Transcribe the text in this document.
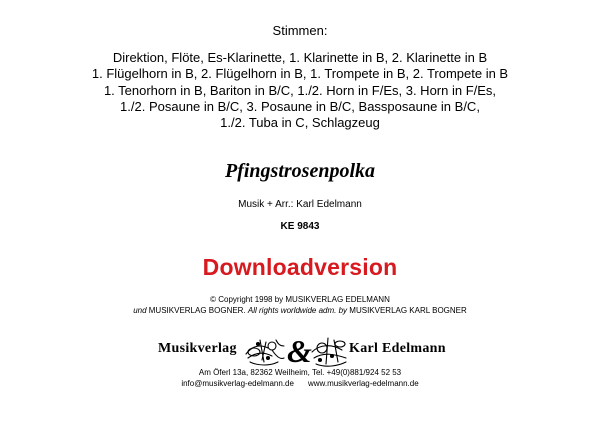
Stimmen:
Direktion, Flöte, Es-Klarinette, 1. Klarinette in B, 2. Klarinette in B
1. Flügelhorn in B, 2. Flügelhorn in B, 1. Trompete in B, 2. Trompete in B
1. Tenorhorn in B, Bariton in B/C, 1./2. Horn in F/Es, 3. Horn in F/Es,
1./2. Posaune in B/C, 3. Posaune in B/C, Bassposaune in B/C,
1./2. Tuba in C, Schlagzeug
Pfingstrosenpolka
Musik + Arr.: Karl Edelmann
KE 9843
Downloadversion
© Copyright 1998 by MUSIKVERLAG EDELMANN
und MUSIKVERLAG BOGNER. All rights worldwide adm. by MUSIKVERLAG KARL BOGNER
Musikverlag &	Karl Edelmann
Am Öferl 13a, 82362 Weilheim, Tel. +49(0)881/924 52 53
info@musikverlag-edelmann.de www.musikverlag-edelmann.de
